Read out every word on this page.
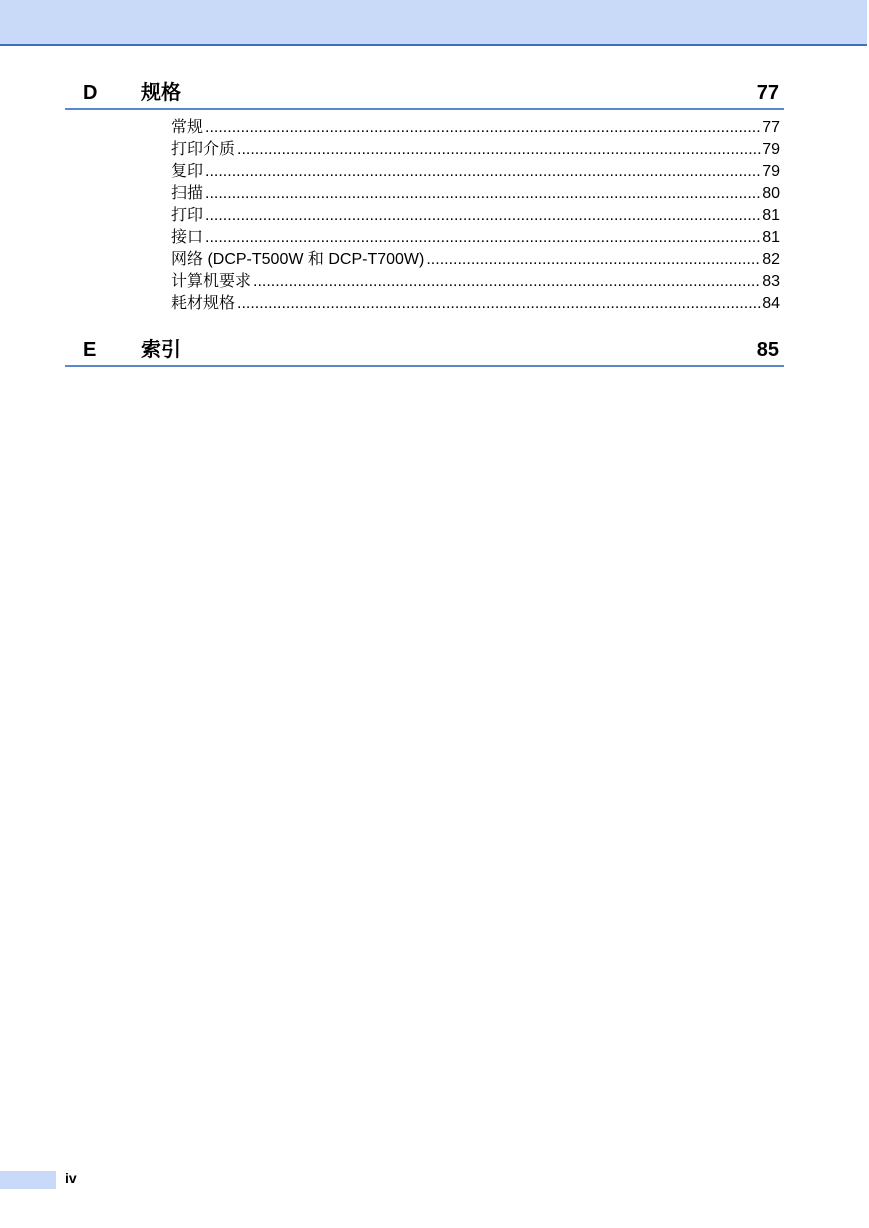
D 规格	77
常规 .....	77
打印介质 .....	79
复印 .....	79
扫描 .....	80
打印 .....	81
接口 .....	81
网络 (DCP-T500W 和 DCP-T700W) .....	82
计算机要求 .....	83
耗材规格 .....	84
E 索引	85
iv
